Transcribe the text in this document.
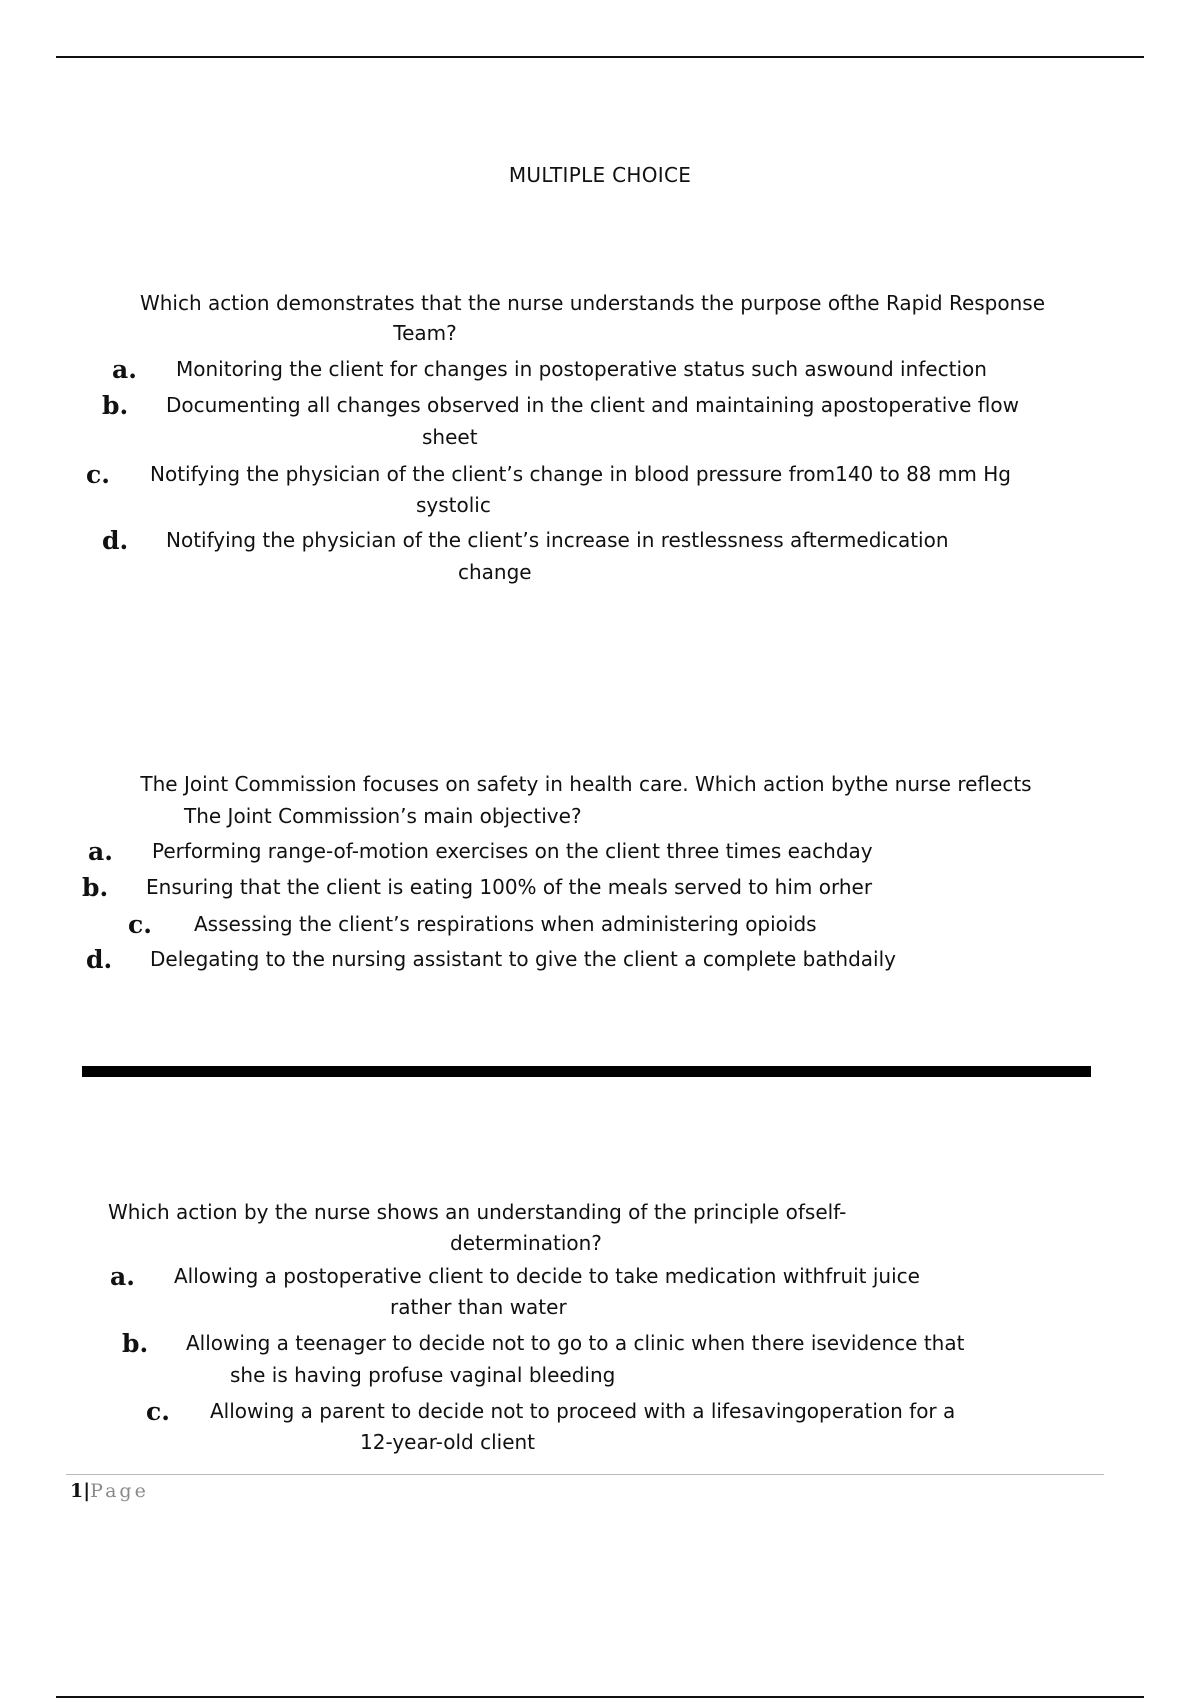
MULTIPLE CHOICE
Which action demonstrates that the nurse understands the purpose ofthe Rapid Response
Team?
a. Monitoring the client for changes in postoperative status such aswound infection
b. Documenting all changes observed in the client and maintaining apostoperative flow
sheet
c. Notifying the physician of the client’s change in blood pressure from140 to 88 mm Hg
systolic
d. Notifying the physician of the client’s increase in restlessness aftermedication
change
The Joint Commission focuses on safety in health care. Which action bythe nurse reflects
The Joint Commission’s main objective?
a. Performing range-of-motion exercises on the client three times eachday
b. Ensuring that the client is eating 100% of the meals served to him orher
c. Assessing the client’s respirations when administering opioids
d. Delegating to the nursing assistant to give the client a complete bathdaily
Which action by the nurse shows an understanding of the principle ofself-
determination?
a. Allowing a postoperative client to decide to take medication withfruit juice
rather than water
b. Allowing a teenager to decide not to go to a clinic when there isevidence that
she is having profuse vaginal bleeding
c. Allowing a parent to decide not to proceed with a lifesavingoperation for a
12-year-old client
1|Page
